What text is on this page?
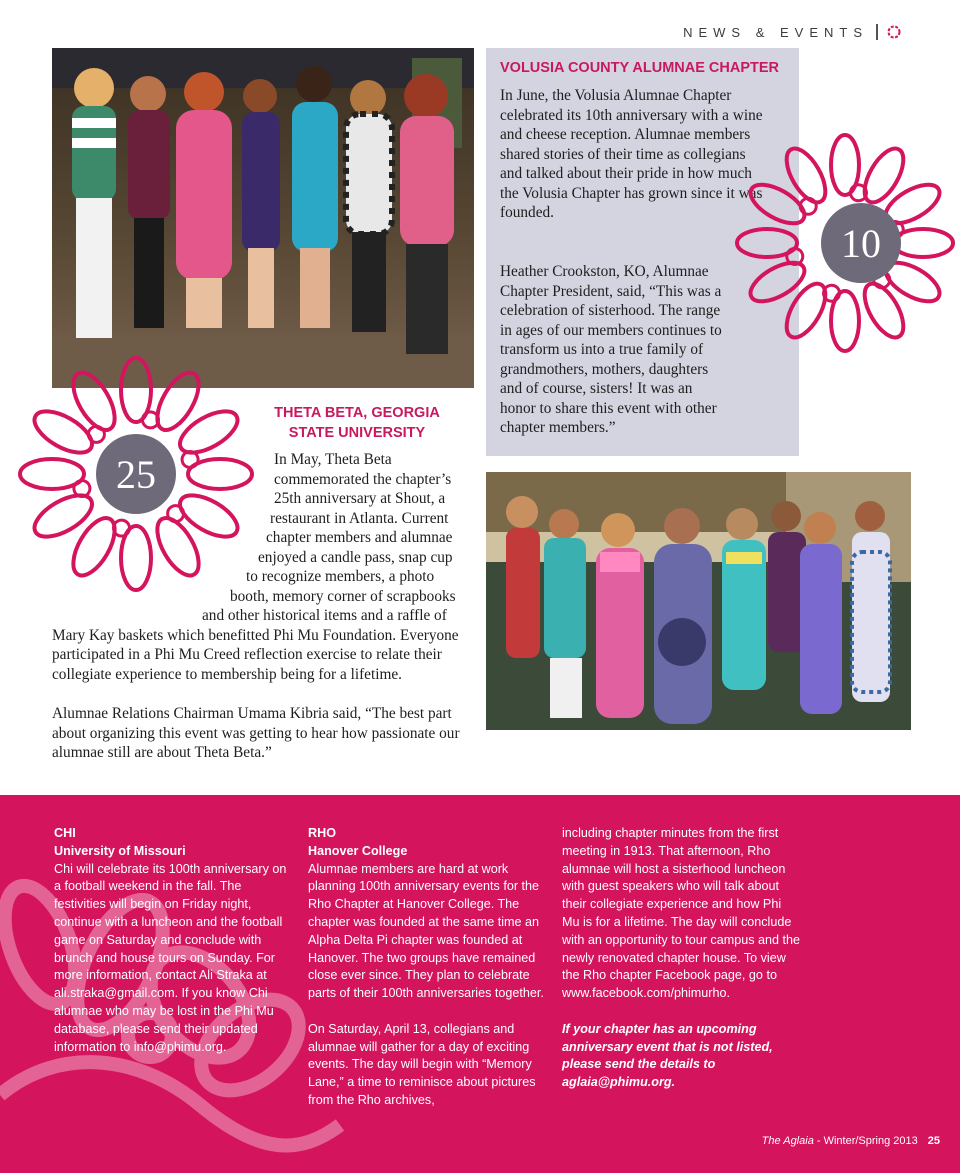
NEWS & EVENTS
VOLUSIA COUNTY ALUMNAE CHAPTER

In June, the Volusia Alumnae Chapter celebrated its 10th anniversary with a wine and cheese reception. Alumnae members shared stories of their time as collegians and talked about their pride in how much the Volusia Chapter has grown since it was founded.

Heather Crookston, KO, Alumnae Chapter President, said, “This was a celebration of sisterhood. The range in ages of our members continues to transform us into a true family of grandmothers, mothers, daughters and of course, sisters! It was an honor to share this event with other chapter members.”

10
25
THETA BETA, GEORGIA
STATE UNIVERSITY

In May, Theta Beta
commemorated the chapter’s
25th anniversary at Shout, a
restaurant in Atlanta. Current
chapter members and alumnae
enjoyed a candle pass, snap cup
to recognize members, a photo
booth, memory corner of scrapbooks
and other historical items and a raffle of
Mary Kay baskets which benefitted Phi Mu Foundation. Everyone
participated in a Phi Mu Creed reflection exercise to relate their
collegiate experience to membership being for a lifetime.

Alumnae Relations Chairman Umama Kibria said, “The best part about organizing this event was getting to hear how passionate our alumnae still are about Theta Beta.”

CHI

University of Missouri

Chi will celebrate its 100th anniversary on a football weekend in the fall. The festivities will begin on Friday night, continue with a luncheon and the football game on Saturday and conclude with brunch and house tours on Sunday. For more information, contact Ali Straka at ali.straka@gmail.com. If you know Chi alumnae who may be lost in the Phi Mu database, please send their updated information to info@phimu.org.

RHO

Hanover College

Alumnae members are hard at work planning 100th anniversary events for the Rho Chapter at Hanover College. The chapter was founded at the same time an Alpha Delta Pi chapter was founded at Hanover. The two groups have remained close ever since. They plan to celebrate parts of their 100th anniversaries together.

On Saturday, April 13, collegians and alumnae will gather for a day of exciting events. The day will begin with “Memory Lane,” a time to reminisce about pictures from the Rho archives,

including chapter minutes from the first meeting in 1913. That afternoon, Rho alumnae will host a sisterhood luncheon with guest speakers who will talk about their collegiate experience and how Phi Mu is for a lifetime. The day will conclude with an opportunity to tour campus and the newly renovated chapter house. To view the Rho chapter Facebook page, go to www.facebook.com/phimurho.

If your chapter has an upcoming anniversary event that is not listed, please send the details to aglaia@phimu.org.

The Aglaia - Winter/Spring 2013 25
